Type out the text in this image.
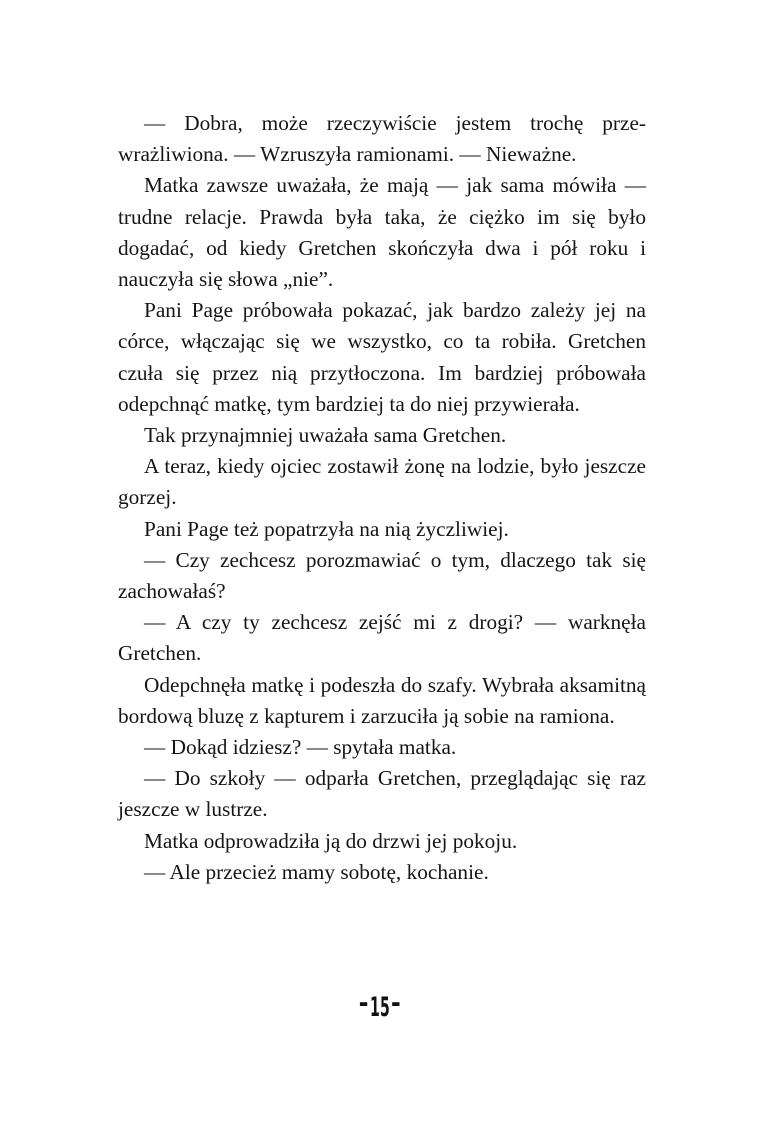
— Dobra, może rzeczywiście jestem trochę przewrażliwiona. — Wzruszyła ramionami. — Nieważne.

Matka zawsze uważała, że mają — jak sama mówiła — trudne relacje. Prawda była taka, że ciężko im się było dogadać, od kiedy Gretchen skończyła dwa i pół roku i nauczyła się słowa „nie”.

Pani Page próbowała pokazać, jak bardzo zależy jej na córce, włączając się we wszystko, co ta robiła. Gretchen czuła się przez nią przytłoczona. Im bardziej próbowała odepchnąć matkę, tym bardziej ta do niej przywierała.

Tak przynajmniej uważała sama Gretchen.

A teraz, kiedy ojciec zostawił żonę na lodzie, było jeszcze gorzej.

Pani Page też popatrzyła na nią życzliwiej.

— Czy zechcesz porozmawiać o tym, dlaczego tak się zachowałaś?

— A czy ty zechcesz zejść mi z drogi? — warknęła Gretchen.

Odepchnęła matkę i podeszła do szafy. Wybrała aksamitną bordową bluzę z kapturem i zarzuciła ją sobie na ramiona.

— Dokąd idziesz? — spytała matka.

— Do szkoły — odparła Gretchen, przeglądając się raz jeszcze w lustrze.

Matka odprowadziła ją do drzwi jej pokoju.

— Ale przecież mamy sobotę, kochanie.

-15-
